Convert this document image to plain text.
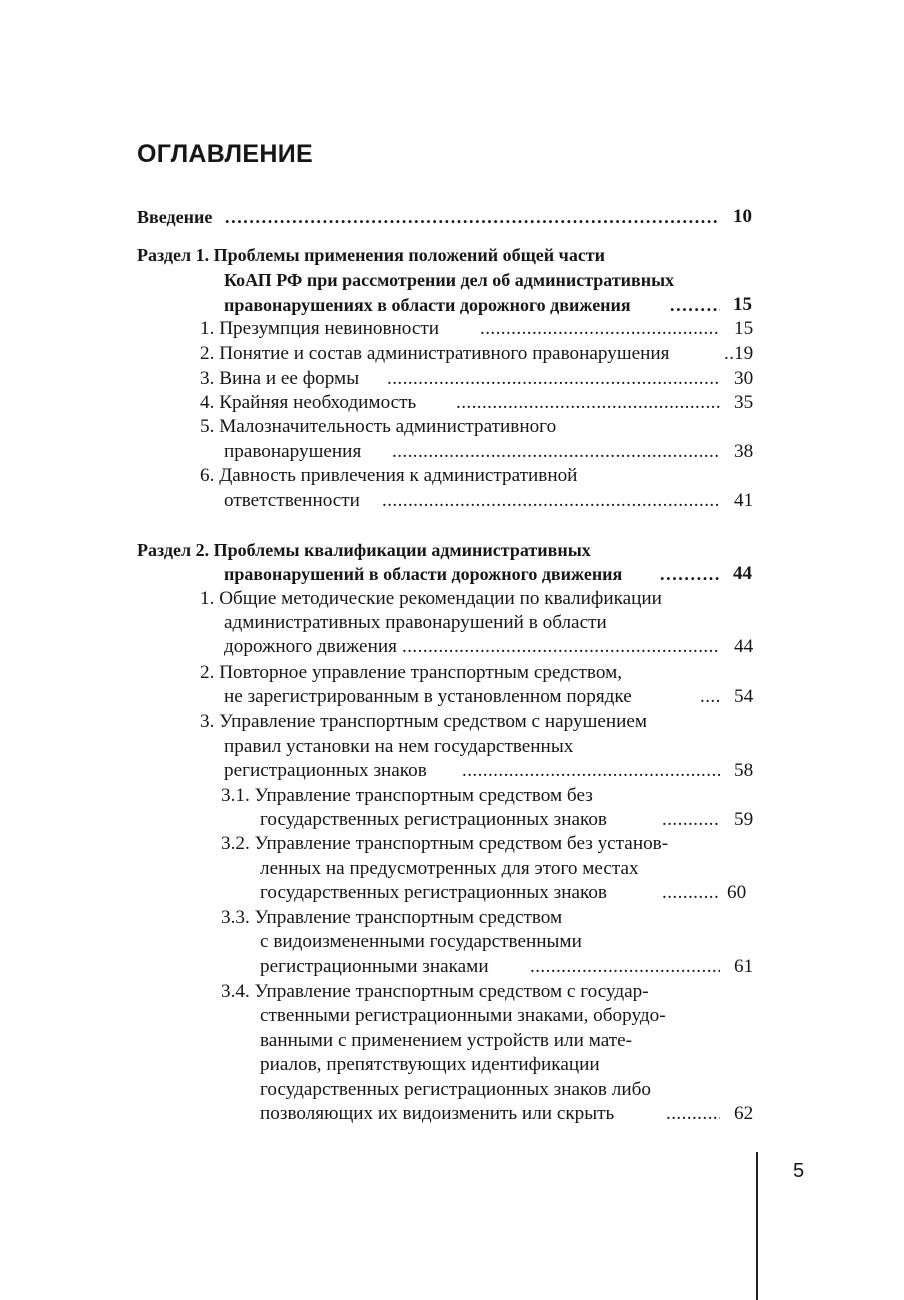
ОГЛАВЛЕНИЕ
Введение .....	10
Раздел 1. Проблемы применения положений общей части
КоАП РФ при рассмотрении дел об административных
правонарушениях в области дорожного движения .....	15
1. Презумпция невиновности .....	15
2. Понятие и состав административного правонарушения .....	19
3. Вина и ее формы .....	30
4. Крайняя необходимость .....	35
5. Малозначительность административного
правонарушения .....	38
6. Давность привлечения к административной
ответственности .....	41
Раздел 2. Проблемы квалификации административных
правонарушений в области дорожного движения .....	44
1. Общие методические рекомендации по квалификации
административных правонарушений в области
дорожного движения .....	44
2. Повторное управление транспортным средством,
не зарегистрированным в установленном порядке .....	54
3. Управление транспортным средством с нарушением
правил установки на нем государственных
регистрационных знаков .....	58
3.1. Управление транспортным средством без
государственных регистрационных знаков .....	59
3.2. Управление транспортным средством без установ-
ленных на предусмотренных для этого местах
государственных регистрационных знаков .....	60
3.3. Управление транспортным средством
с видоизмененными государственными
регистрационными знаками .....	61
3.4. Управление транспортным средством с государ-
ственными регистрационными знаками, оборудо-
ванными с применением устройств или мате-
риалов, препятствующих идентификации
государственных регистрационных знаков либо
позволяющих их видоизменить или скрыть .....	62
5
